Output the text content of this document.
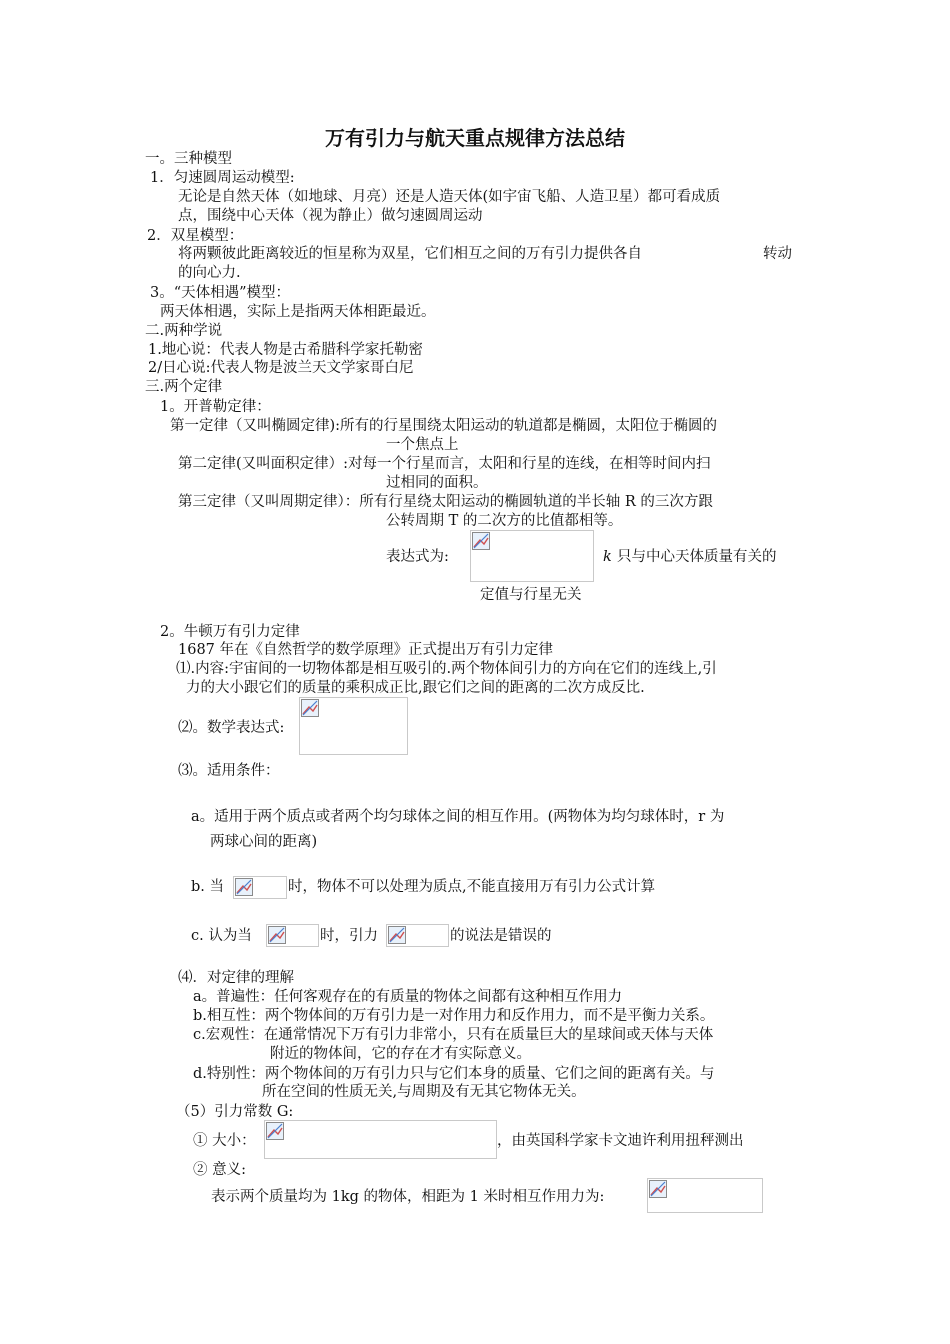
万有引力与航天重点规律方法总结
一。三种模型
1．匀速圆周运动模型:
无论是自然天体（如地球、月亮）还是人造天体(如宇宙飞船、人造卫星）都可看成质
点，围绕中心天体（视为静止）做匀速圆周运动
2．双星模型：
将两颗彼此距离较近的恒星称为双星，它们相互之间的万有引力提供各自	转动
的向心力.
3。“天体相遇”模型：
两天体相遇，实际上是指两天体相距最近。
二.两种学说
1.地心说：代表人物是古希腊科学家托勒密
2/日心说:代表人物是波兰天文学家哥白尼
三.两个定律
1。开普勒定律：
第一定律（又叫椭圆定律):所有的行星围绕太阳运动的轨道都是椭圆，太阳位于椭圆的
一个焦点上
第二定律(又叫面积定律）:对每一个行星而言，太阳和行星的连线，在相等时间内扫
过相同的面积。
第三定律（又叫周期定律）：所有行星绕太阳运动的椭圆轨道的半长轴 R 的三次方跟
公转周期 T 的二次方的比值都相等。
表达式为:	k 只与中心天体质量有关的
定值与行星无关
2。牛顿万有引力定律
1687 年在《自然哲学的数学原理》正式提出万有引力定律
⑴.内容:宇宙间的一切物体都是相互吸引的.两个物体间引力的方向在它们的连线上,引
力的大小跟它们的质量的乘积成正比,跟它们之间的距离的二次方成反比.
⑵。数学表达式:
⑶。适用条件：
a。适用于两个质点或者两个均匀球体之间的相互作用。(两物体为均匀球体时，r 为
两球心间的距离)
b. 当	时，物体不可以处理为质点,不能直接用万有引力公式计算
c. 认为当	时，引力	的说法是错误的
⑷．对定律的理解
a。普遍性：任何客观存在的有质量的物体之间都有这种相互作用力
b.相互性：两个物体间的万有引力是一对作用力和反作用力，而不是平衡力关系。
c.宏观性：在通常情况下万有引力非常小，只有在质量巨大的星球间或天体与天体
附近的物体间，它的存在才有实际意义。
d.特别性：两个物体间的万有引力只与它们本身的质量、它们之间的距离有关。与
所在空间的性质无关,与周期及有无其它物体无关。
（5）引力常数 G:
① 大小：	，由英国科学家卡文迪许利用扭秤测出
② 意义:
表示两个质量均为 1kg 的物体，相距为 1 米时相互作用力为:
